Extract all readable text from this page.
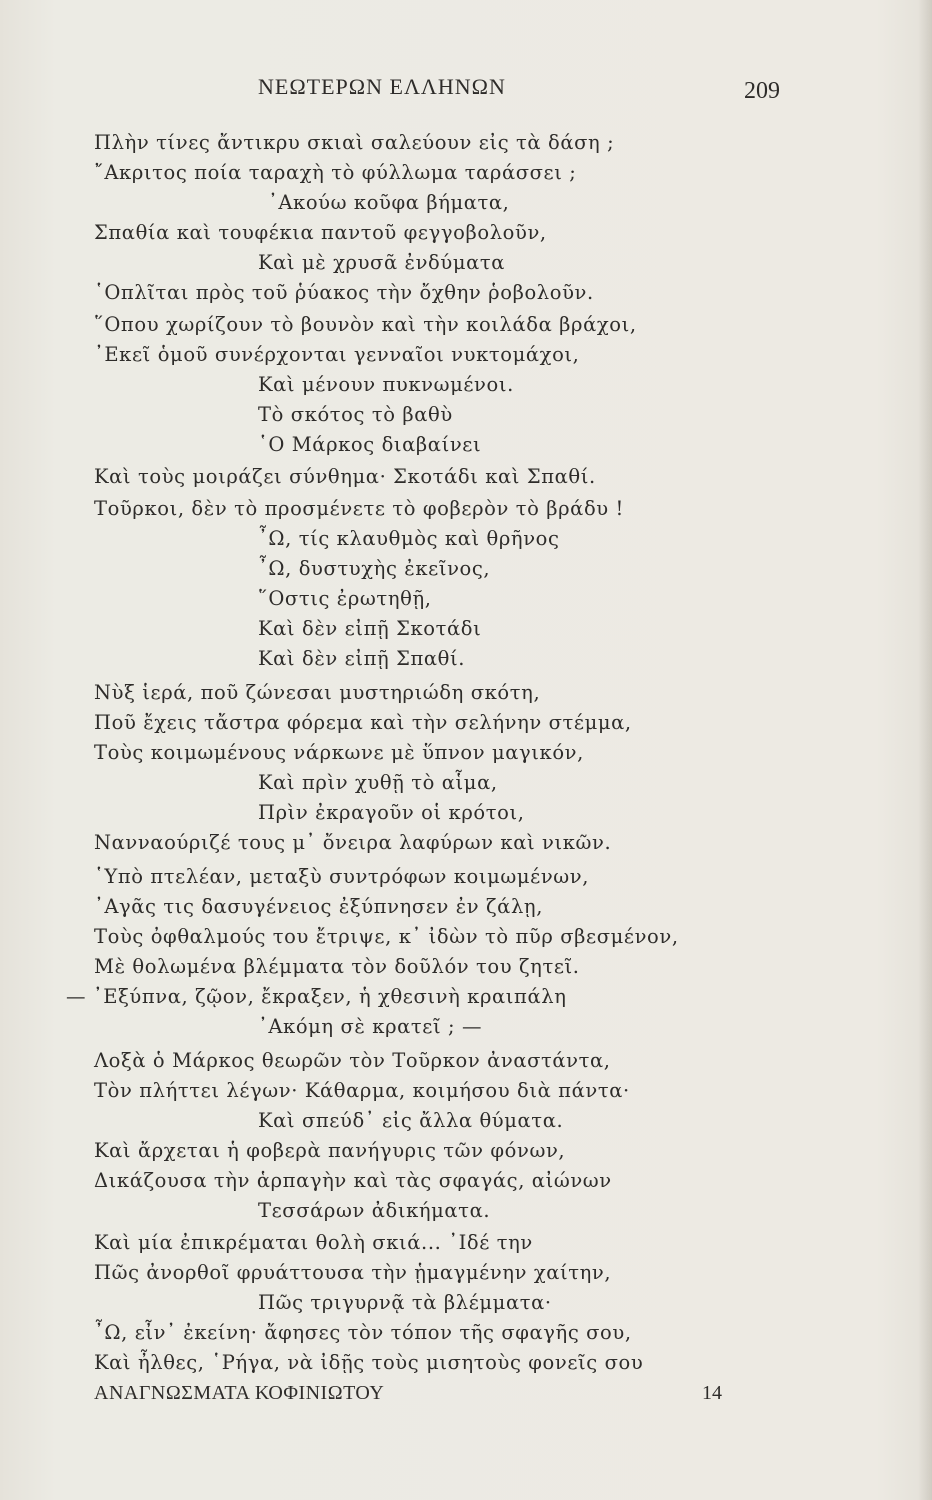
ΝΕΩΤΕΡΩΝ ΕΛΛΗΝΩΝ	209
Πλὴν τίνες ἄντικρυ σκιαὶ σαλεύουν εἰς τὰ δάση ;
῎Ακριτος ποία ταραχὴ τὸ φύλλωμα ταράσσει ;
᾽Ακούω κοῦφα βήματα,
Σπαθία καὶ τουφέκια παντοῦ φεγγοβολοῦν,
Καὶ μὲ χρυσᾶ ἐνδύματα
῾Οπλῖται πρὸς τοῦ ῥύακος τὴν ὄχθην ῥοβολοῦν.
῞Οπου χωρίζουν τὸ βουνὸν καὶ τὴν κοιλάδα βράχοι,
᾽Εκεῖ ὁμοῦ συνέρχονται γενναῖοι νυκτομάχοι,
Καὶ μένουν πυκνωμένοι.
Τὸ σκότος τὸ βαθὺ
῾Ο Μάρκος διαβαίνει
Καὶ τοὺς μοιράζει σύνθημα· Σκοτάδι καὶ Σπαθί.
Τοῦρκοι, δὲν τὸ προσμένετε τὸ φοβερὸν τὸ βράδυ !
῏Ω, τίς κλαυθμὸς καὶ θρῆνος
῏Ω, δυστυχὴς ἐκεῖνος,
῞Οστις ἐρωτηθῇ,
Καὶ δὲν εἰπῇ Σκοτάδι
Καὶ δὲν εἰπῇ Σπαθί.
Νὺξ ἱερά, ποῦ ζώνεσαι μυστηριώδη σκότη,
Ποῦ ἔχεις τἄστρα φόρεμα καὶ τὴν σελήνην στέμμα,
Τοὺς κοιμωμένους νάρκωνε μὲ ὕπνον μαγικόν,
Καὶ πρὶν χυθῇ τὸ αἷμα,
Πρὶν ἐκραγοῦν οἱ κρότοι,
Νανναούριζέ τους μ᾽ ὄνειρα λαφύρων καὶ νικῶν.
῾Υπὸ πτελέαν, μεταξὺ συντρόφων κοιμωμένων,
᾽Αγᾶς τις δασυγένειος ἐξύπνησεν ἐν ζάλῃ,
Τοὺς ὀφθαλμούς του ἔτριψε, κ᾽ ἰδὼν τὸ πῦρ σβεσμένον,
Μὲ θολωμένα βλέμματα τὸν δοῦλόν του ζητεῖ.
— ᾽Εξύπνα, ζῷον, ἔκραξεν, ἡ χθεσινὴ κραιπάλη
᾽Ακόμη σὲ κρατεῖ ; —
Λοξὰ ὁ Μάρκος θεωρῶν τὸν Τοῦρκον ἀναστάντα,
Τὸν πλήττει λέγων· Κάθαρμα, κοιμήσου διὰ πάντα·
Καὶ σπεύδ᾽ εἰς ἄλλα θύματα.
Καὶ ἄρχεται ἡ φοβερὰ πανήγυρις τῶν φόνων,
Δικάζουσα τὴν ἁρπαγὴν καὶ τὰς σφαγάς, αἰώνων
Τεσσάρων ἀδικήματα.
Καὶ μία ἐπικρέμαται θολὴ σκιά... ᾽Ιδέ την
Πῶς ἀνορθοῖ φρυάττουσα τὴν ᾑμαγμένην χαίτην,
Πῶς τριγυρνᾷ τὰ βλέμματα·
῏Ω, εἶν᾽ ἐκείνη· ἄφησες τὸν τόπον τῆς σφαγῆς σου,
Καὶ ἦλθες, ῾Ρήγα, νὰ ἰδῇς τοὺς μισητοὺς φονεῖς σου
ΑΝΑΓΝΩΣΜΑΤΑ ΚΟΦΙΝΙΩΤΟΥ	14
